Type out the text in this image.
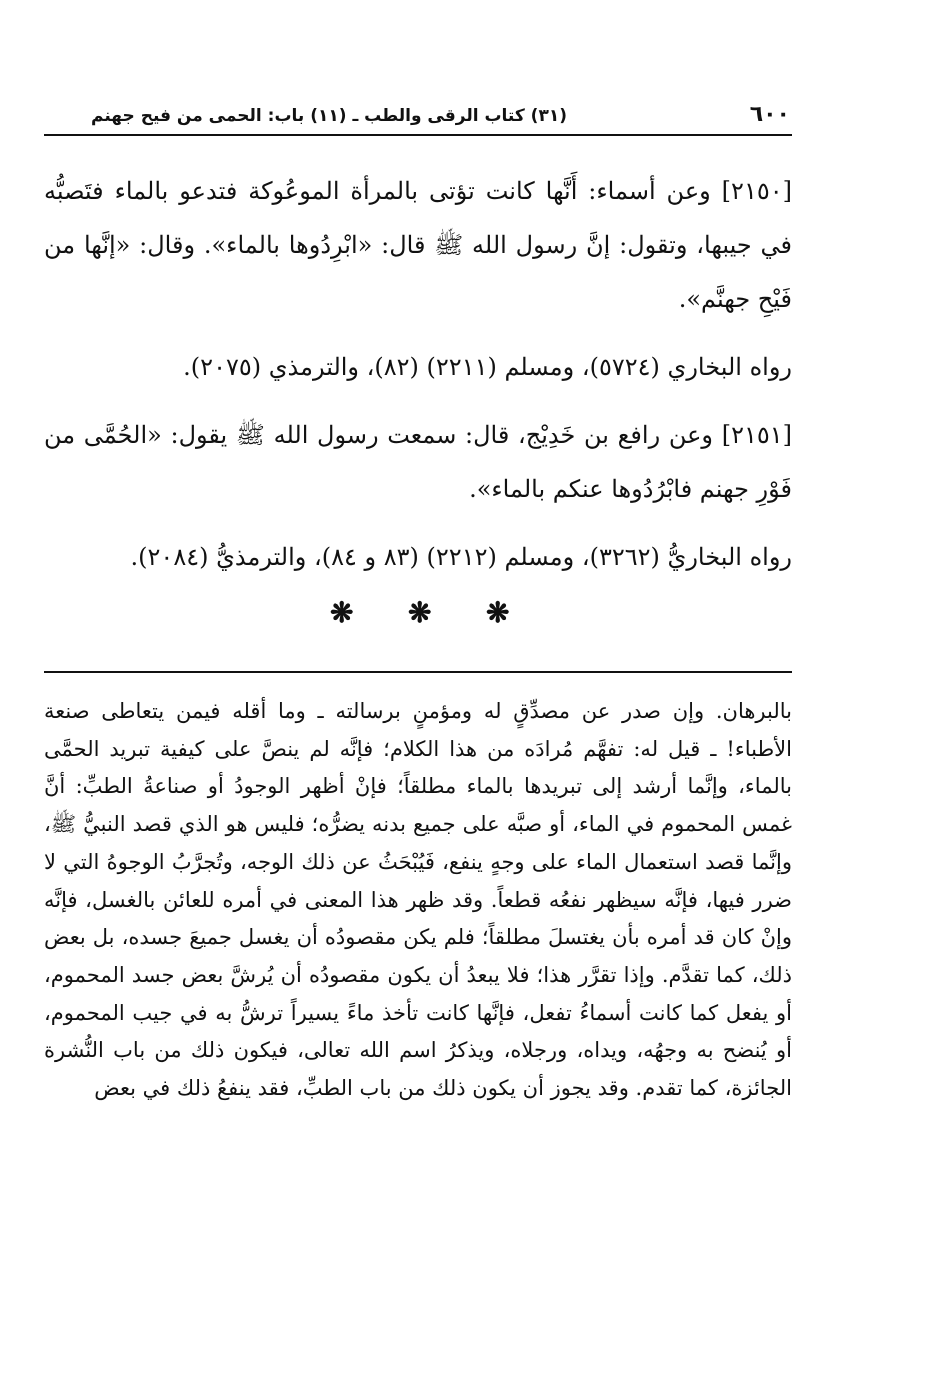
٦٠٠
(٣١) كتاب الرقى والطب ـ (١١) باب: الحمى من فيح جهنم

[٢١٥٠] وعن أسماء: أَنَّها كانت تؤتى بالمرأة الموعُوكة فتدعو بالماء فتَصبُّه في جيبها، وتقول: إنَّ رسول الله ﷺ قال: «ابْرِدُوها بالماء». وقال: «إنَّها من فَيْحِ جهنَّم».

رواه البخاري (٥٧٢٤)، ومسلم (٢٢١١) (٨٢)، والترمذي (٢٠٧٥).

[٢١٥١] وعن رافع بن خَدِيْج، قال: سمعت رسول الله ﷺ يقول: «الحُمَّى من فَوْرِ جهنم فابْرُدُوها عنكم بالماء».

رواه البخاريُّ (٣٢٦٢)، ومسلم (٢٢١٢) (٨٣ و ٨٤)، والترمذيُّ (٢٠٨٤).

❋ ❋ ❋
بالبرهان. وإن صدر عن مصدِّقٍ له ومؤمنٍ برسالته ـ وما أقله فيمن يتعاطى صنعة الأطباء! ـ قيل له: تفهَّم مُرادَه من هذا الكلام؛ فإنَّه لم ينصَّ على كيفية تبريد الحمَّى بالماء، وإنَّما أرشد إلى تبريدها بالماء مطلقاً؛ فإنْ أظهر الوجودُ أو صناعةُ الطبِّ: أنَّ غمس المحموم في الماء، أو صبَّه على جميع بدنه يضرُّه؛ فليس هو الذي قصد النبيُّ ﷺ، وإنَّما قصد استعمال الماء على وجهٍ ينفع، فَيُبْحَثُ عن ذلك الوجه، وتُجرَّبُ الوجوهُ التي لا ضرر فيها، فإنَّه سيظهر نفعُه قطعاً. وقد ظهر هذا المعنى في أمره للعائن بالغسل، فإنَّه وإنْ كان قد أمره بأن يغتسلَ مطلقاً؛ فلم يكن مقصودُه أن يغسل جميعَ جسده، بل بعض ذلك، كما تقدَّم. وإذا تقرَّر هذا؛ فلا يبعدُ أن يكون مقصودُه أن يُرشَّ بعض جسد المحموم، أو يفعل كما كانت أسماءُ تفعل، فإنَّها كانت تأخذ ماءً يسيراً ترشُّ به في جيب المحموم، أو يُنضح به وجهُه، ويداه، ورجلاه، ويذكرُ اسم الله تعالى، فيكون ذلك من باب النُّشرة الجائزة، كما تقدم. وقد يجوز أن يكون ذلك من باب الطبِّ، فقد ينفعُ ذلك في بعض
